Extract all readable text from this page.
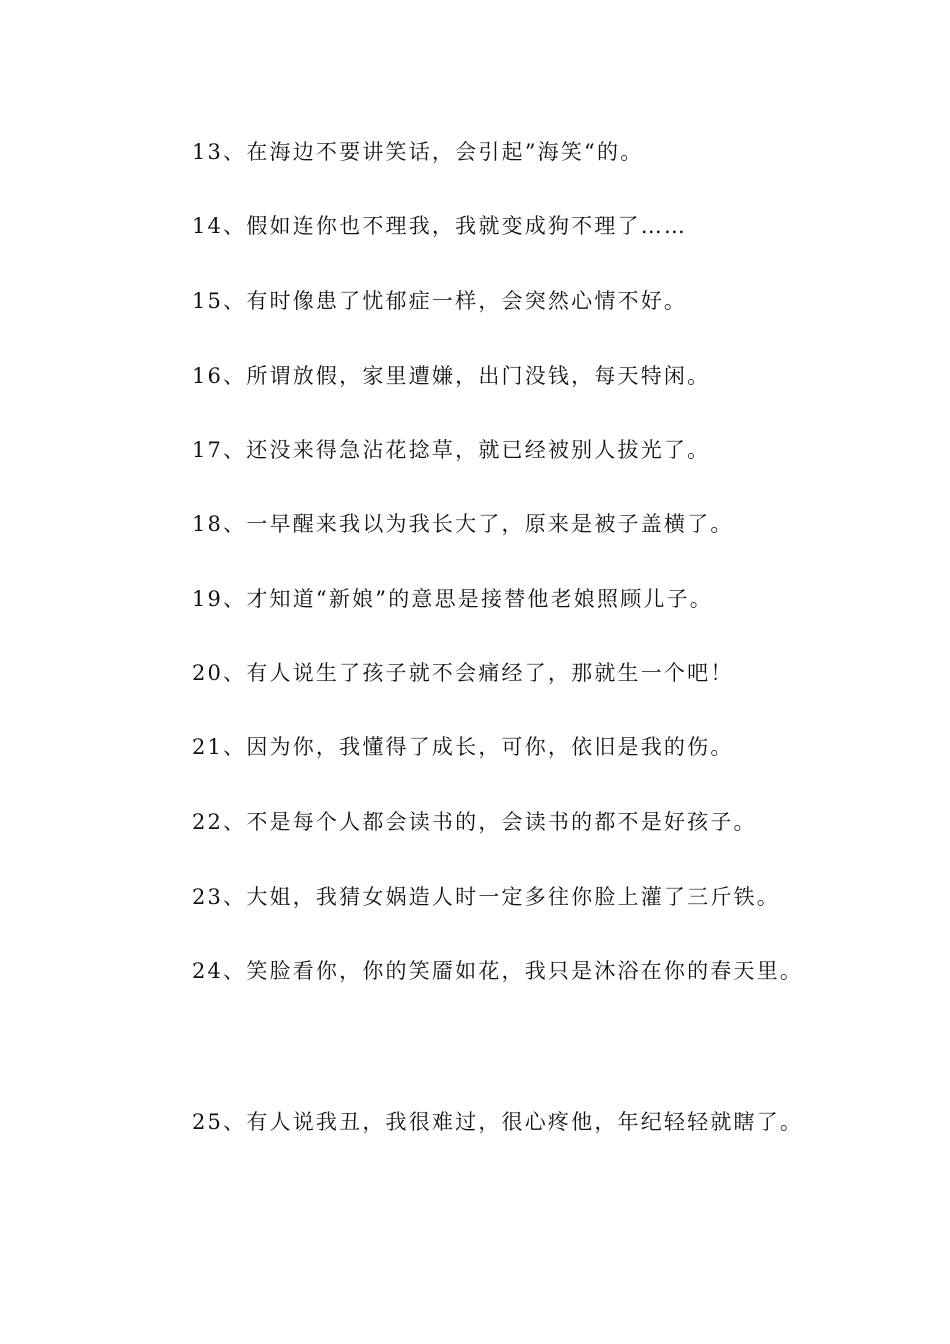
13、在海边不要讲笑话，会引起”海笑“的。
14、假如连你也不理我，我就变成狗不理了……
15、有时像患了忧郁症一样，会突然心情不好。
16、所谓放假，家里遭嫌，出门没钱，每天特闲。
17、还没来得急沾花捻草，就已经被别人拔光了。
18、一早醒来我以为我长大了，原来是被子盖横了。
19、才知道“新娘”的意思是接替他老娘照顾儿子。
20、有人说生了孩子就不会痛经了，那就生一个吧！
21、因为你，我懂得了成长，可你，依旧是我的伤。
22、不是每个人都会读书的，会读书的都不是好孩子。
23、大姐，我猜女娲造人时一定多往你脸上灌了三斤铁。
24、笑脸看你，你的笑靥如花，我只是沐浴在你的春天里。
25、有人说我丑，我很难过，很心疼他，年纪轻轻就瞎了。
